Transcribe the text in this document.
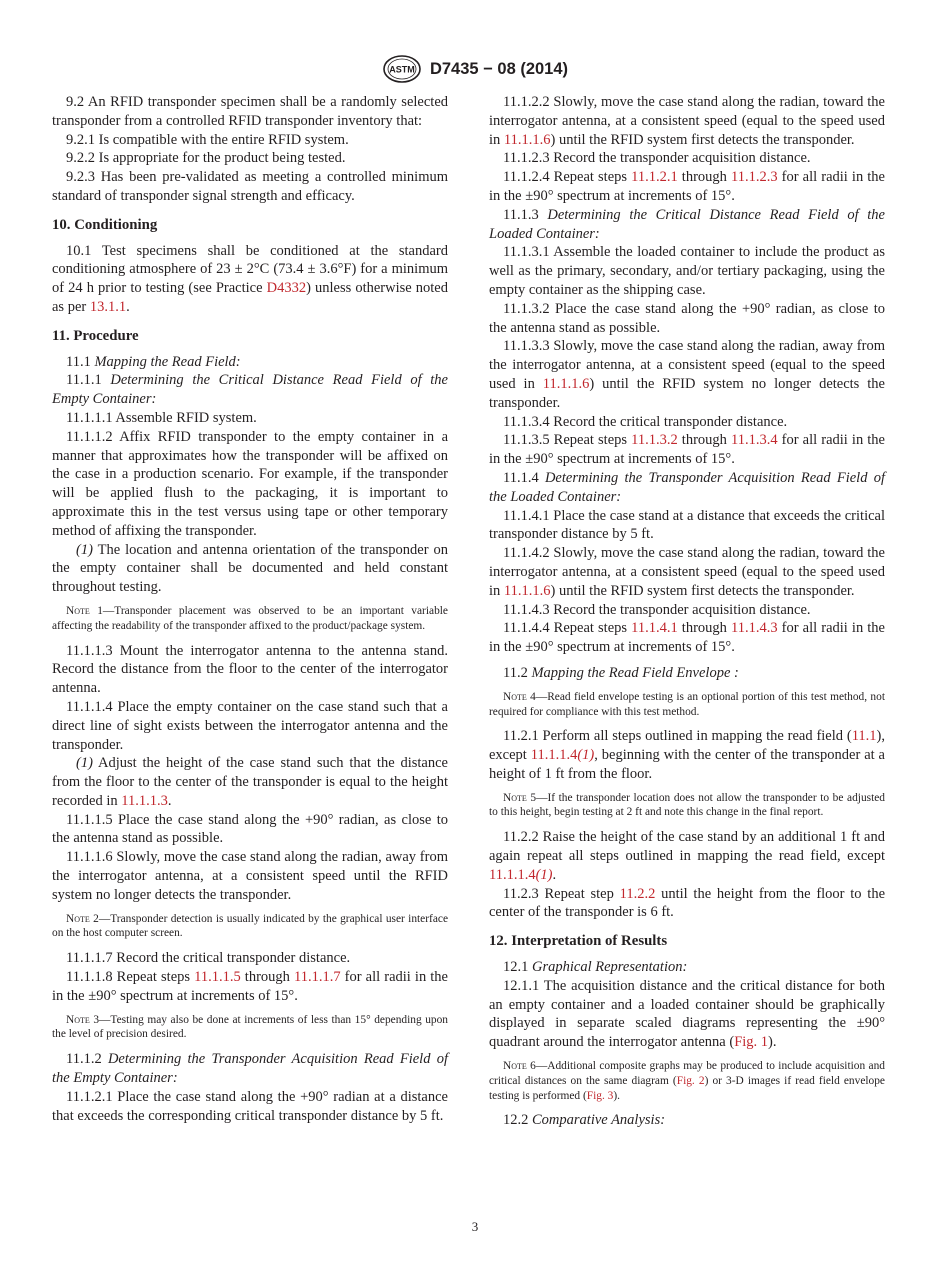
ASTM D7435 − 08 (2014)

9.2 An RFID transponder specimen shall be a randomly selected transponder from a controlled RFID transponder inventory that:

9.2.1 Is compatible with the entire RFID system.

9.2.2 Is appropriate for the product being tested.

9.2.3 Has been pre-validated as meeting a controlled minimum standard of transponder signal strength and efficacy.

10. Conditioning

10.1 Test specimens shall be conditioned at the standard conditioning atmosphere of 23 ± 2°C (73.4 ± 3.6°F) for a minimum of 24 h prior to testing (see Practice D4332) unless otherwise noted as per 13.1.1.

11. Procedure

11.1 Mapping the Read Field:

11.1.1 Determining the Critical Distance Read Field of the Empty Container:

11.1.1.1 Assemble RFID system.

11.1.1.2 Affix RFID transponder to the empty container in a manner that approximates how the transponder will be affixed on the case in a production scenario. For example, if the transponder will be applied flush to the packaging, it is important to approximate this in the test versus using tape or other temporary method of affixing the transponder.

(1) The location and antenna orientation of the transponder on the empty container shall be documented and held constant throughout testing.

Note 1—Transponder placement was observed to be an important variable affecting the readability of the transponder affixed to the product/package system.

11.1.1.3 Mount the interrogator antenna to the antenna stand. Record the distance from the floor to the center of the interrogator antenna.

11.1.1.4 Place the empty container on the case stand such that a direct line of sight exists between the interrogator antenna and the transponder.

(1) Adjust the height of the case stand such that the distance from the floor to the center of the transponder is equal to the height recorded in 11.1.1.3.

11.1.1.5 Place the case stand along the +90° radian, as close to the antenna stand as possible.

11.1.1.6 Slowly, move the case stand along the radian, away from the interrogator antenna, at a consistent speed until the RFID system no longer detects the transponder.

Note 2—Transponder detection is usually indicated by the graphical user interface on the host computer screen.

11.1.1.7 Record the critical transponder distance.

11.1.1.8 Repeat steps 11.1.1.5 through 11.1.1.7 for all radii in the in the ±90° spectrum at increments of 15°.

Note 3—Testing may also be done at increments of less than 15° depending upon the level of precision desired.

11.1.2 Determining the Transponder Acquisition Read Field of the Empty Container:

11.1.2.1 Place the case stand along the +90° radian at a distance that exceeds the corresponding critical transponder distance by 5 ft.

11.1.2.2 Slowly, move the case stand along the radian, toward the interrogator antenna, at a consistent speed (equal to the speed used in 11.1.1.6) until the RFID system first detects the transponder.

11.1.2.3 Record the transponder acquisition distance.

11.1.2.4 Repeat steps 11.1.2.1 through 11.1.2.3 for all radii in the in the ±90° spectrum at increments of 15°.

11.1.3 Determining the Critical Distance Read Field of the Loaded Container:

11.1.3.1 Assemble the loaded container to include the product as well as the primary, secondary, and/or tertiary packaging, using the empty container as the shipping case.

11.1.3.2 Place the case stand along the +90° radian, as close to the antenna stand as possible.

11.1.3.3 Slowly, move the case stand along the radian, away from the interrogator antenna, at a consistent speed (equal to the speed used in 11.1.1.6) until the RFID system no longer detects the transponder.

11.1.3.4 Record the critical transponder distance.

11.1.3.5 Repeat steps 11.1.3.2 through 11.1.3.4 for all radii in the in the ±90° spectrum at increments of 15°.

11.1.4 Determining the Transponder Acquisition Read Field of the Loaded Container:

11.1.4.1 Place the case stand at a distance that exceeds the critical transponder distance by 5 ft.

11.1.4.2 Slowly, move the case stand along the radian, toward the interrogator antenna, at a consistent speed (equal to the speed used in 11.1.1.6) until the RFID system first detects the transponder.

11.1.4.3 Record the transponder acquisition distance.

11.1.4.4 Repeat steps 11.1.4.1 through 11.1.4.3 for all radii in the in the ±90° spectrum at increments of 15°.

11.2 Mapping the Read Field Envelope :

Note 4—Read field envelope testing is an optional portion of this test method, not required for compliance with this test method.

11.2.1 Perform all steps outlined in mapping the read field (11.1), except 11.1.1.4(1), beginning with the center of the transponder at a height of 1 ft from the floor.

Note 5—If the transponder location does not allow the transponder to be adjusted to this height, begin testing at 2 ft and note this change in the final report.

11.2.2 Raise the height of the case stand by an additional 1 ft and again repeat all steps outlined in mapping the read field, except 11.1.1.4(1).

11.2.3 Repeat step 11.2.2 until the height from the floor to the center of the transponder is 6 ft.

12. Interpretation of Results

12.1 Graphical Representation:

12.1.1 The acquisition distance and the critical distance for both an empty container and a loaded container should be graphically displayed in separate scaled diagrams representing the ±90° quadrant around the interrogator antenna (Fig. 1).

Note 6—Additional composite graphs may be produced to include acquisition and critical distances on the same diagram (Fig. 2) or 3-D images if read field envelope testing is performed (Fig. 3).

12.2 Comparative Analysis:

3
